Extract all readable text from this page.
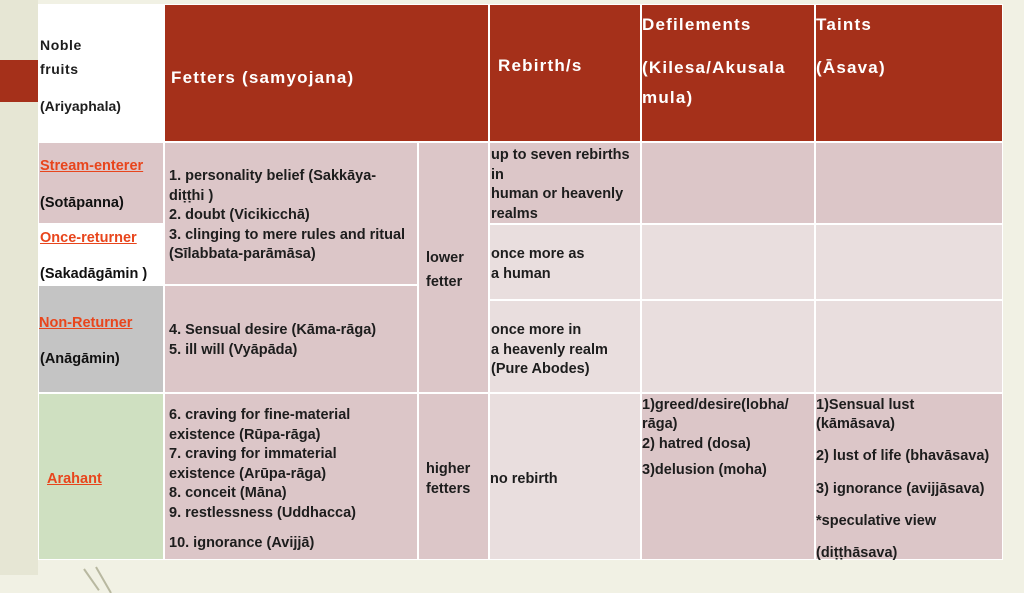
Noble
fruits
(Ariyaphala)
Fetters (samyojana)
Rebirth/s
Defilements
(Kilesa/Akusala
mula)
Taints
(Āsava)
Stream-enterer
(Sotāpanna)
Once-returner
(Sakadāgāmin )
Non-Returner
(Anāgāmin)
Arahant
1. personality belief (Sakkāya-
diṭṭhi )
2. doubt (Vicikicchā)
3. clinging to mere rules and ritual
(Sīlabbata-parāmāsa)
4. Sensual desire (Kāma-rāga)
5. ill will (Vyāpāda)
6. craving for fine-material
existence (Rūpa-rāga)
7. craving for immaterial
existence (Arūpa-rāga)
8. conceit (Māna)
9. restlessness (Uddhacca)
10. ignorance (Avijjā)
lower
fetter
higher
fetters
up to seven rebirths
in
human or heavenly
realms
once more as
a human
once more in
a heavenly realm
(Pure Abodes)
no rebirth
1)greed/desire(lobha/
rāga)
2) hatred (dosa)
3)delusion (moha)
1)Sensual lust
(kāmāsava)
2) lust of life (bhavāsava)
3) ignorance (avijjāsava)
*speculative view
(diṭṭhāsava)
